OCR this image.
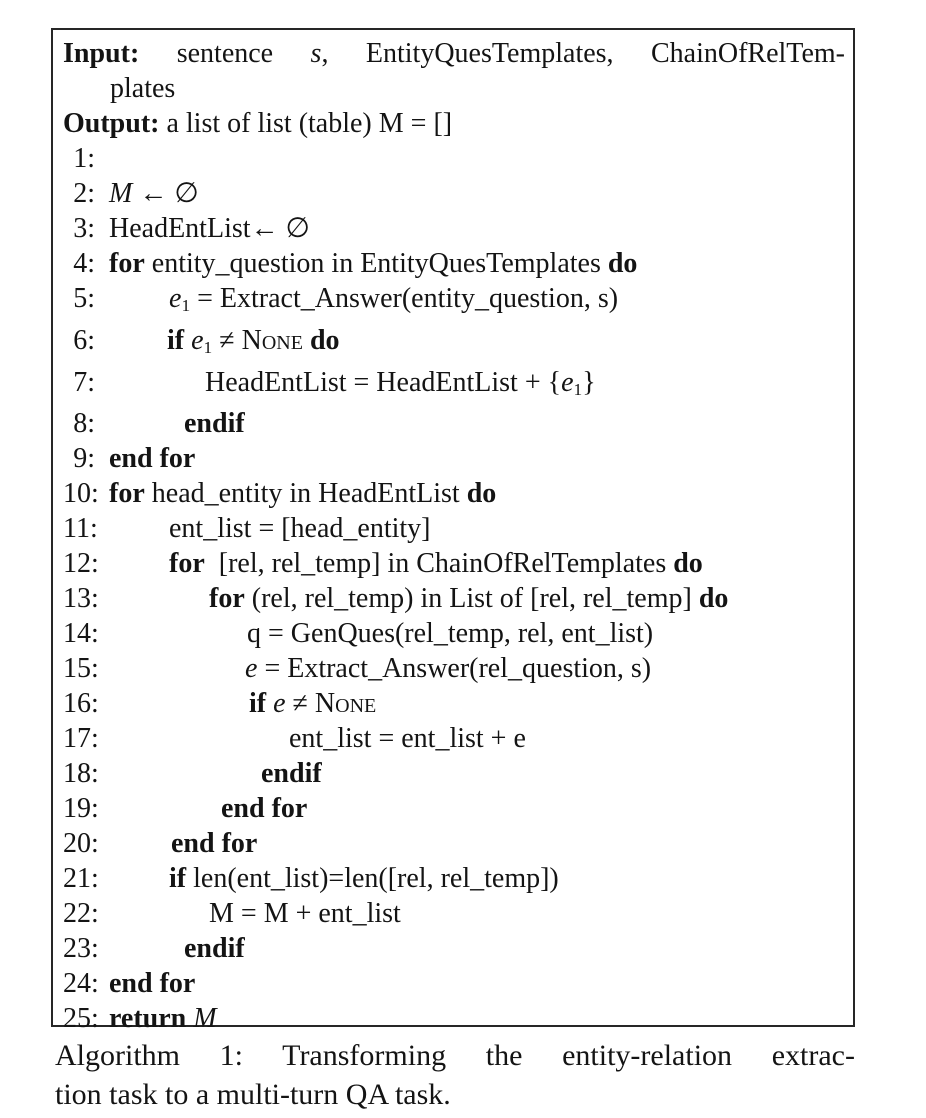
Input: sentence s, EntityQuesTemplates, ChainOfRelTem-
plates
Output: a list of list (table) M = []
1:
2: M ← ∅
3: HeadEntList← ∅
4: for entity_question in EntityQuesTemplates do
5:	$e_1$ = Extract_Answer(entity_question, s)
6:	if $e_1$ ≠ None do
7:	HeadEntList = HeadEntList + $\{e_1\}$
8:	endif
9: end for
10: for head_entity in HeadEntList do
11:	ent_list = [head_entity]
12:	for  [rel, rel_temp] in ChainOfRelTemplates do
13:	for (rel, rel_temp) in List of [rel, rel_temp] do
14:	q = GenQues(rel_temp, rel, ent_list)
15:	e = Extract_Answer(rel_question, s)
16:	if e ≠ None
17:	ent_list = ent_list + e
18:	endif
19:	end for
20:	end for
21:	if len(ent_list)=len([rel, rel_temp])
22:	M = M + ent_list
23:	endif
24: end for
25: return M
Algorithm 1: Transforming the entity-relation extrac-
tion task to a multi-turn QA task.
